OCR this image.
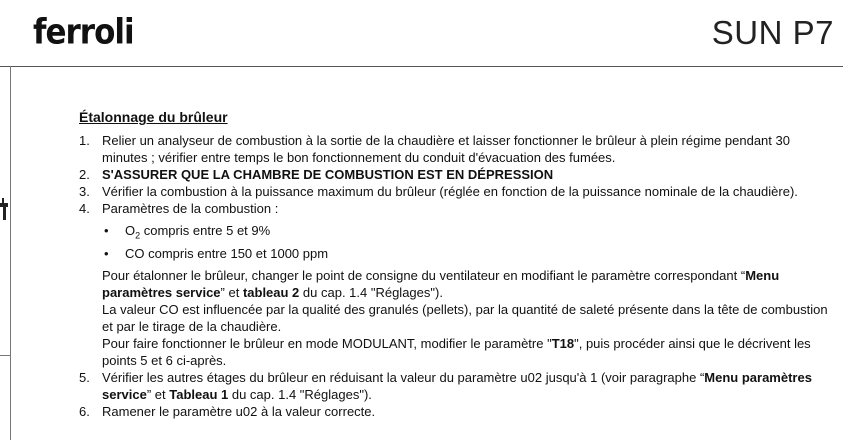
ferroli	SUN P7
Étalonnage du brûleur
1. Relier un analyseur de combustion à la sortie de la chaudière et laisser fonctionner le brûleur à plein régime pendant 30 minutes ; vérifier entre temps le bon fonctionnement du conduit d'évacuation des fumées.
2. S'ASSURER QUE LA CHAMBRE DE COMBUSTION EST EN DÉPRESSION
3. Vérifier la combustion à la puissance maximum du brûleur (réglée en fonction de la puissance nominale de la chaudière).
4. Paramètres de la combustion :
• $O_2$ compris entre 5 et 9%
• CO compris entre 150 et 1000 ppm

Pour étalonner le brûleur, changer le point de consigne du ventilateur en modifiant le paramètre correspondant “Menu paramètres service” et tableau 2 du cap. 1.4 "Réglages").

La valeur CO est influencée par la qualité des granulés (pellets), par la quantité de saleté présente dans la tête de combustion et par le tirage de la chaudière.

Pour faire fonctionner le brûleur en mode MODULANT, modifier le paramètre "T18", puis procéder ainsi que le décrivent les points 5 et 6 ci-après.

5. Vérifier les autres étages du brûleur en réduisant la valeur du paramètre u02 jusqu'à 1 (voir paragraphe “Menu paramètres service” et Tableau 1 du cap. 1.4 "Réglages").
6. Ramener le paramètre u02 à la valeur correcte.
